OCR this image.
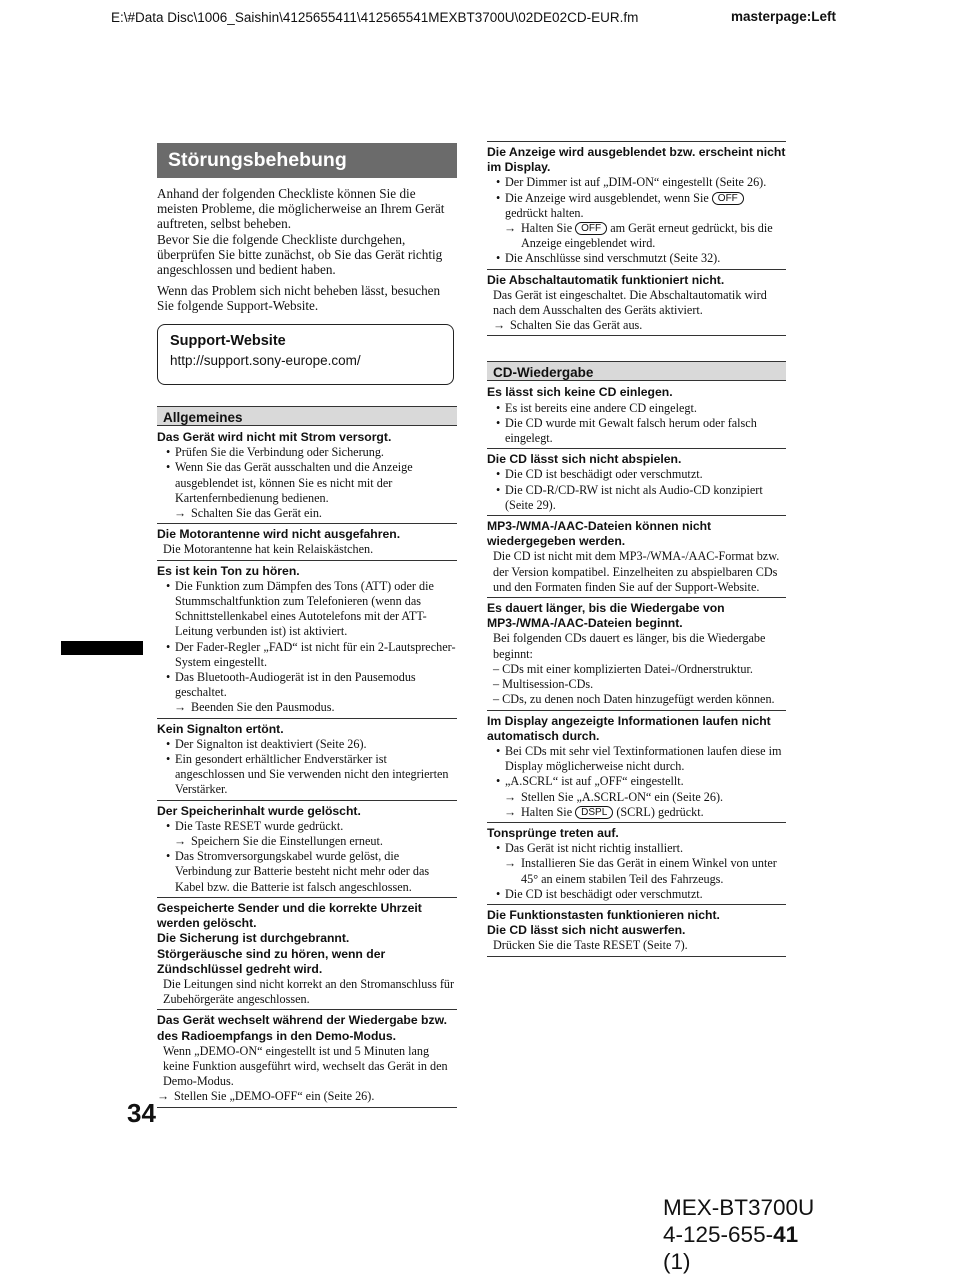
E:\#Data Disc\1006_Saishin\4125655411\412565541MEXBT3700U\02DE02CD-EUR.fm	masterpage:Left
Störungsbehebung
Anhand der folgenden Checkliste können Sie die meisten Probleme, die möglicherweise an Ihrem Gerät auftreten, selbst beheben.
Bevor Sie die folgende Checkliste durchgehen, überprüfen Sie bitte zunächst, ob Sie das Gerät richtig angeschlossen und bedient haben.

Wenn das Problem sich nicht beheben lässt, besuchen Sie folgende Support-Website.

Support-Website
http://support.sony-europe.com/
Allgemeines
Das Gerät wird nicht mit Strom versorgt.
• Prüfen Sie die Verbindung oder Sicherung.
• Wenn Sie das Gerät ausschalten und die Anzeige ausgeblendet ist, können Sie es nicht mit der Kartenfernbedienung bedienen.
→ Schalten Sie das Gerät ein.
Die Motorantenne wird nicht ausgefahren.
Die Motorantenne hat kein Relaiskästchen.
Es ist kein Ton zu hören.
• Die Funktion zum Dämpfen des Tons (ATT) oder die Stummschaltfunktion zum Telefonieren (wenn das Schnittstellenkabel eines Autotelefons mit der ATT-Leitung verbunden ist) ist aktiviert.
• Der Fader-Regler „FAD“ ist nicht für ein 2-Lautsprecher-System eingestellt.
• Das Bluetooth-Audiogerät ist in den Pausemodus geschaltet.
→ Beenden Sie den Pausmodus.
Kein Signalton ertönt.
• Der Signalton ist deaktiviert (Seite 26).
• Ein gesondert erhältlicher Endverstärker ist angeschlossen und Sie verwenden nicht den integrierten Verstärker.
Der Speicherinhalt wurde gelöscht.
• Die Taste RESET wurde gedrückt.
→ Speichern Sie die Einstellungen erneut.
• Das Stromversorgungskabel wurde gelöst, die Verbindung zur Batterie besteht nicht mehr oder das Kabel bzw. die Batterie ist falsch angeschlossen.
Gespeicherte Sender und die korrekte Uhrzeit werden gelöscht.
Die Sicherung ist durchgebrannt.
Störgeräusche sind zu hören, wenn der Zündschlüssel gedreht wird.
Die Leitungen sind nicht korrekt an den Stromanschluss für Zubehörgeräte angeschlossen.
Das Gerät wechselt während der Wiedergabe bzw. des Radioempfangs in den Demo-Modus.
Wenn „DEMO-ON“ eingestellt ist und 5 Minuten lang keine Funktion ausgeführt wird, wechselt das Gerät in den Demo-Modus.
→ Stellen Sie „DEMO-OFF“ ein (Seite 26).
Die Anzeige wird ausgeblendet bzw. erscheint nicht im Display.
• Der Dimmer ist auf „DIM-ON“ eingestellt (Seite 26).
• Die Anzeige wird ausgeblendet, wenn Sie OFF gedrückt halten.
→ Halten Sie OFF am Gerät erneut gedrückt, bis die Anzeige eingeblendet wird.
• Die Anschlüsse sind verschmutzt (Seite 32).
Die Abschaltautomatik funktioniert nicht.
Das Gerät ist eingeschaltet. Die Abschaltautomatik wird nach dem Ausschalten des Geräts aktiviert.
→ Schalten Sie das Gerät aus.
CD-Wiedergabe
Es lässt sich keine CD einlegen.
• Es ist bereits eine andere CD eingelegt.
• Die CD wurde mit Gewalt falsch herum oder falsch eingelegt.
Die CD lässt sich nicht abspielen.
• Die CD ist beschädigt oder verschmutzt.
• Die CD-R/CD-RW ist nicht als Audio-CD konzipiert (Seite 29).
MP3-/WMA-/AAC-Dateien können nicht wiedergegeben werden.
Die CD ist nicht mit dem MP3-/WMA-/AAC-Format bzw. der Version kompatibel. Einzelheiten zu abspielbaren CDs und den Formaten finden Sie auf der Support-Website.
Es dauert länger, bis die Wiedergabe von MP3-/WMA-/AAC-Dateien beginnt.
Bei folgenden CDs dauert es länger, bis die Wiedergabe beginnt:
– CDs mit einer komplizierten Datei-/Ordnerstruktur.
– Multisession-CDs.
– CDs, zu denen noch Daten hinzugefügt werden können.
Im Display angezeigte Informationen laufen nicht automatisch durch.
• Bei CDs mit sehr viel Textinformationen laufen diese im Display möglicherweise nicht durch.
• „A.SCRL“ ist auf „OFF“ eingestellt.
→ Stellen Sie „A.SCRL-ON“ ein (Seite 26).
→ Halten Sie DSPL (SCRL) gedrückt.
Tonsprünge treten auf.
• Das Gerät ist nicht richtig installiert.
→ Installieren Sie das Gerät in einem Winkel von unter 45° an einem stabilen Teil des Fahrzeugs.
• Die CD ist beschädigt oder verschmutzt.
Die Funktionstasten funktionieren nicht.
Die CD lässt sich nicht auswerfen.
Drücken Sie die Taste RESET (Seite 7).
34
MEX-BT3700U
4-125-655-41 (1)
